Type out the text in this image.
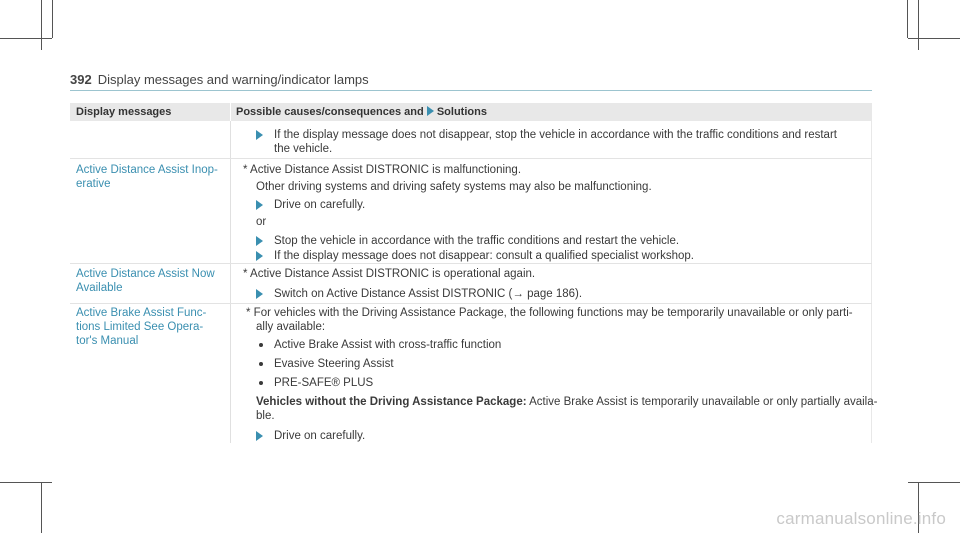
392 Display messages and warning/indicator lamps
Display messages	Possible causes/consequences and Solutions
If the display message does not disappear, stop the vehicle in accordance with the traffic conditions and restart
the vehicle.
Active Distance Assist Inop-
erative
* Active Distance Assist DISTRONIC is malfunctioning.
Other driving systems and driving safety systems may also be malfunctioning.
Drive on carefully.
or
Stop the vehicle in accordance with the traffic conditions and restart the vehicle.
If the display message does not disappear: consult a qualified specialist workshop.
Active Distance Assist Now
Available
* Active Distance Assist DISTRONIC is operational again.
Switch on Active Distance Assist DISTRONIC (→ page 186).
Active Brake Assist Func-
tions Limited See Opera-
tor's Manual
* For vehicles with the Driving Assistance Package, the following functions may be temporarily unavailable or only parti-
ally available:
Active Brake Assist with cross-traffic function
Evasive Steering Assist
PRE-SAFE® PLUS
Vehicles without the Driving Assistance Package: Active Brake Assist is temporarily unavailable or only partially availa-
ble.
Drive on carefully.
carmanualsonline.info
